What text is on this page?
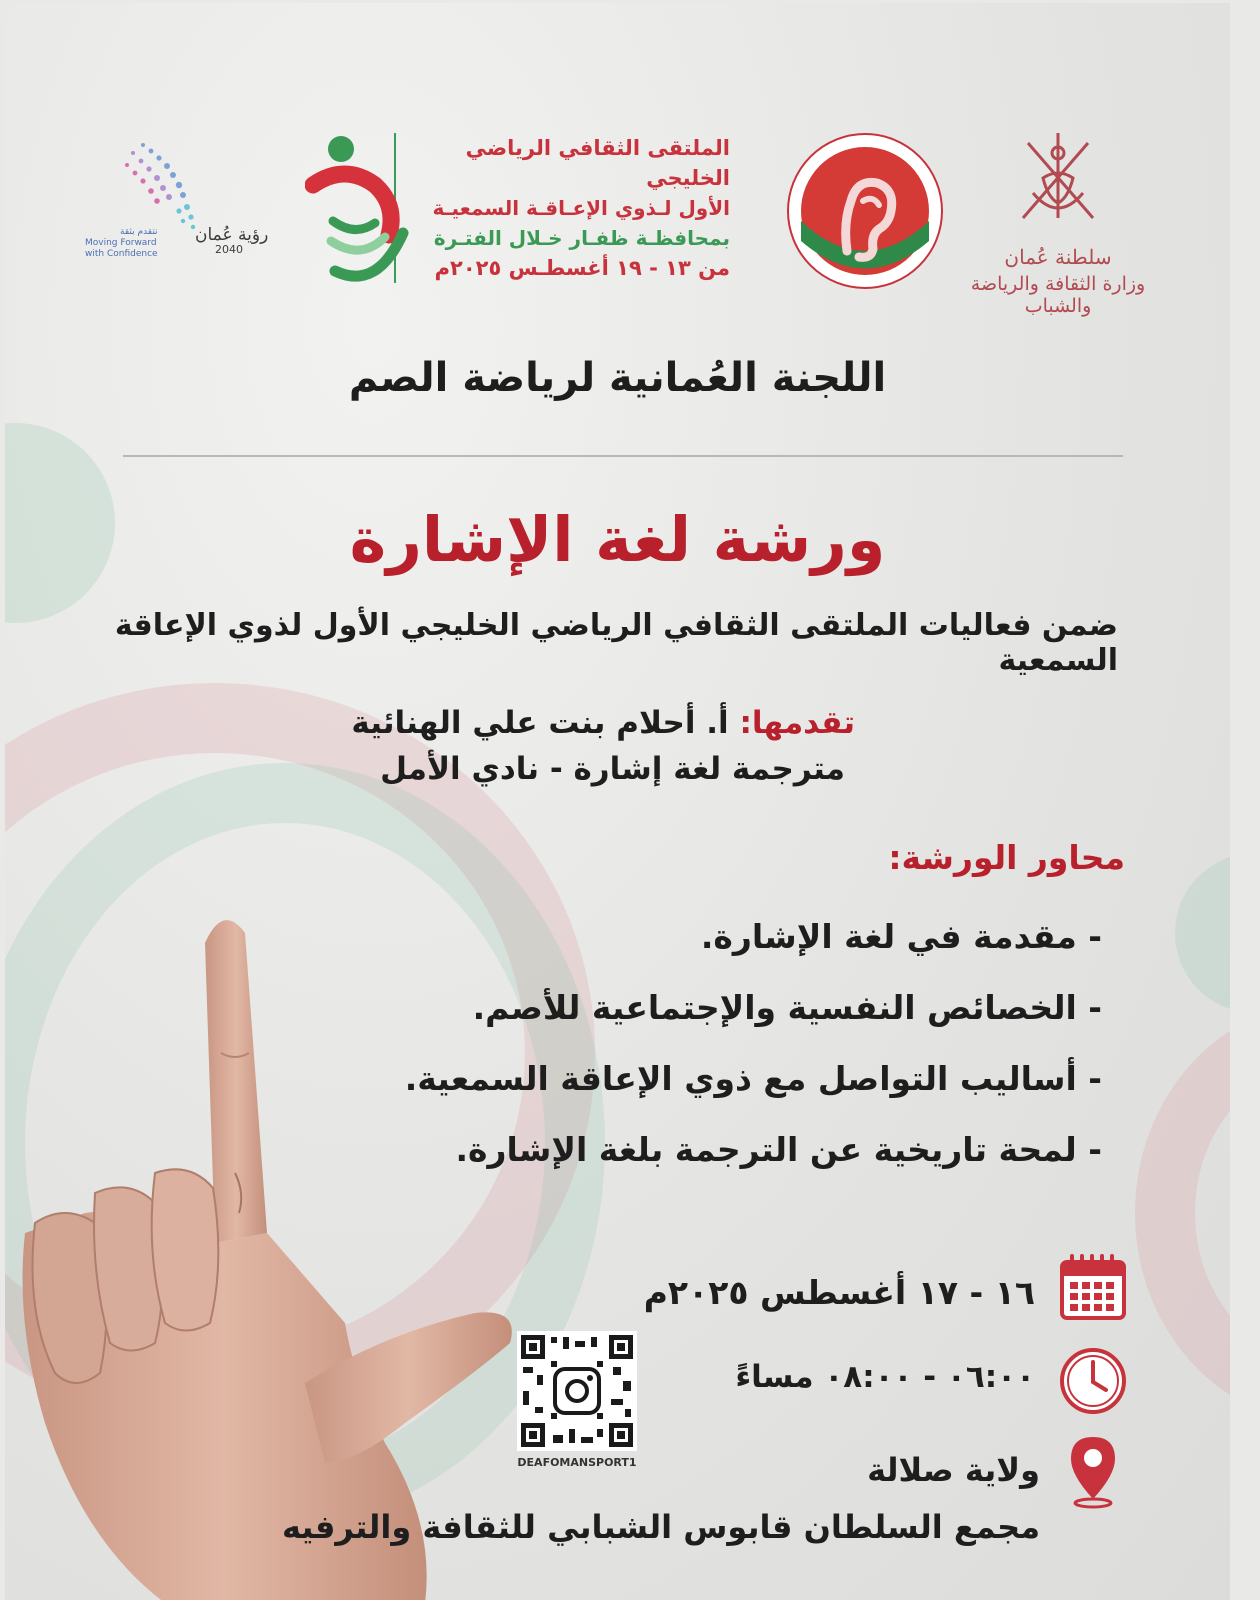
سلطنة عُمان
وزارة الثقافة والرياضة والشباب
الملتقى الثقافي الرياضي الخليجي
الأول لـذوي الإعـاقـة السمعيـة
بمحافظـة ظفـار خـلال الفتـرة
من ١٣ - ١٩ أغسطـس ٢٠٢٥م
رؤية عُمان
2040
نتقدم بثقة
Moving Forward
with Confidence
اللجنة العُمانية لرياضة الصم
ورشة لغة الإشارة
ضمن فعاليات الملتقى الثقافي الرياضي الخليجي الأول لذوي الإعاقة السمعية
تقدمها: أ. أحلام بنت علي الهنائية
مترجمة لغة إشارة - نادي الأمل
محاور الورشة:
- مقدمة في لغة الإشارة.
- الخصائص النفسية والإجتماعية للأصم.
- أساليب التواصل مع ذوي الإعاقة السمعية.
- لمحة تاريخية عن الترجمة بلغة الإشارة.
DEAFOMANSPORT1
١٦ - ١٧ أغسطس ٢٠٢٥م
٠٦:٠٠ - ٠٨:٠٠ مساءً
ولاية صلالة
مجمع السلطان قابوس الشبابي للثقافة والترفيه
